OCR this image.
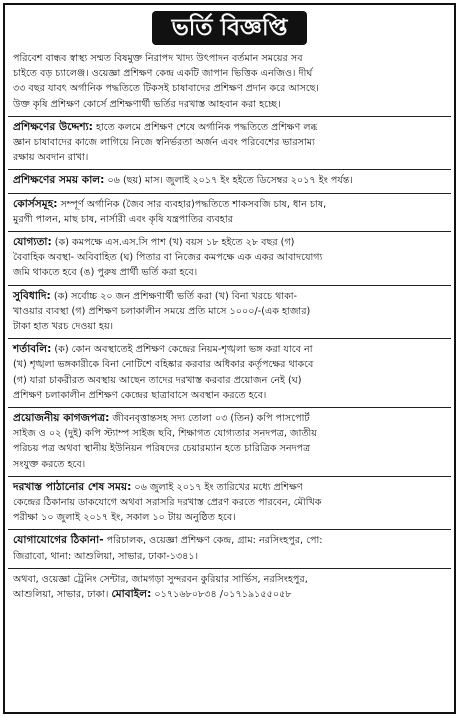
ভর্তি বিজ্ঞপ্তি
পরিবেশ বান্ধব স্বাস্থ্য সম্মত বিষমুক্ত নিরাপদ খাদ্য উৎপাদন বর্তমান সময়ের সব
চাইতে বড় চ্যালেঞ্জ। ওয়েজ্ঞা প্রশিক্ষণ কেন্দ্র একটি জাপান ভিত্তিক এনজিও। দীর্ঘ
৩৩ বছর যাবৎ অর্গানিক পদ্ধতিতে টিকসই চাষাবাদের প্রশিক্ষণ প্রদান করে আসছে।
উক্ত কৃষি প্রশিক্ষণ কোর্সে প্রশিক্ষণার্থী ভর্তির দরখাস্ত আহবান করা হচ্ছে।
প্রশিক্ষণের উদ্দেশ্য: হাতে কলমে প্রশিক্ষণ শেষে অর্গানিক পদ্ধতিতে প্রশিক্ষণ লব্ধ
জ্ঞান চাষাবাদের কাজে লাগিয়ে নিজে স্বনির্ভরতা অর্জন এবং পরিবেশের ভারসাম্য
রক্ষায় অবদান রাখা।
প্রশিক্ষণের সময় কাল: ০৬ (ছয়) মাস। জুলাই ২০১৭ ইং হইতে ডিসেম্বর ২০১৭ ইং পর্যন্ত।
কোর্সসমূহ: সম্পূর্ণ অর্গানিক (জৈব সার ব্যবহার)পদ্ধতিতে শাকসবজি চাষ, ধান চাষ,
মুরগী পালন, মাছ চাষ, নার্সারী এবং কৃষি যন্ত্রপাতির ব্যবহার
যোগ্যতা: (ক) কমপক্ষে এস.এস.সি পাশ (খ) বয়স ১৮ হইতে ২৮ বছর (গ)
বৈবাহিক অবস্থা- অবিবাহিত (ঘ) পিতার বা নিজের কমপক্ষে এক একর আবাদযোগ্য
জমি থাকতে হবে (ঙ) পুরুষ প্রার্থী ভর্তি করা হবে।
সুবিধাদি: (ক) সর্বোচ্চ ২০ জন প্রশিক্ষণার্থী ভর্তি করা (খ) বিনা খরচে থাকা-
খাওয়ার ব্যবস্থা (গ) প্রশিক্ষণ চলাকালীন সময়ে প্রতি মাসে ১০০০/-(এক হাজার)
টাকা হাত খরচ দেওয়া হয়।
শর্তাবলি: (ক) কোন অবস্থাতেই প্রশিক্ষণ কেন্দ্রের নিয়ম-শৃঙ্খলা ভঙ্গ করা যাবে না
(খ) শৃঙ্খলা ভঙ্গকারীকে বিনা নোটিশে বহিষ্কার করবার অধিকার কর্তৃপক্ষের থাকবে
(গ) যারা চাকরীরত অবস্থায় আছেন তাদের দরখাস্ত করবার প্রয়োজন নেই (ঘ)
প্রশিক্ষণ চলাকালীন প্রশিক্ষণ কেন্দ্রের ছাত্রাবাসে অবস্থান করতে হবে।
প্রয়োজনীয় কাগজপত্র: জীবনবৃত্তান্তসহ সদ্য তোলা ০৩ (তিন) কপি পাসপোর্ট
সাইজ ও ০২ (দুই) কপি স্ট্যাম্প সাইজ ছবি, শিক্ষাগত যোগ্যতার সনদপত্র, জাতীয়
পরিচয় পত্র অথবা স্থানীয় ইউনিয়ন পরিষদের চেয়ারম্যান হতে চারিত্রিক সনদপত্র
সংযুক্ত করতে হবে।
দরখাস্ত পাঠানোর শেষ সময়: ০৬ জুলাই ২০১৭ ইং তারিখের মধ্যে প্রশিক্ষণ
কেন্দ্রের ঠিকানায় ডাকযোগে অথবা সরাসরি দরখাস্ত প্রেরণ করতে পারবেন, মৌখিক
পরীক্ষা ১০ জুলাই ২০১৭ ইং, সকাল ১০ টায় অনুষ্ঠিত হবে।
যোগাযোগের ঠিকানা- পরিচালক, ওয়েজ্ঞা প্রশিক্ষণ কেন্দ্র, গ্রাম: নরসিংহপুর, পো:
জিরাবো, থানা: আশুলিয়া, সাভার, ঢাকা-১৩৪১।
অথবা, ওয়েজ্ঞা ট্রেনিং সেন্টার, জামগড়া সুন্দরবন কুরিয়ার সার্ভিস, নরসিংহপুর,
আশুলিয়া, সাভার, ঢাকা। মোবাইল: ০১৭১৬৮০৮৩৪ /০১৭১৯১৫৫০৫৮
